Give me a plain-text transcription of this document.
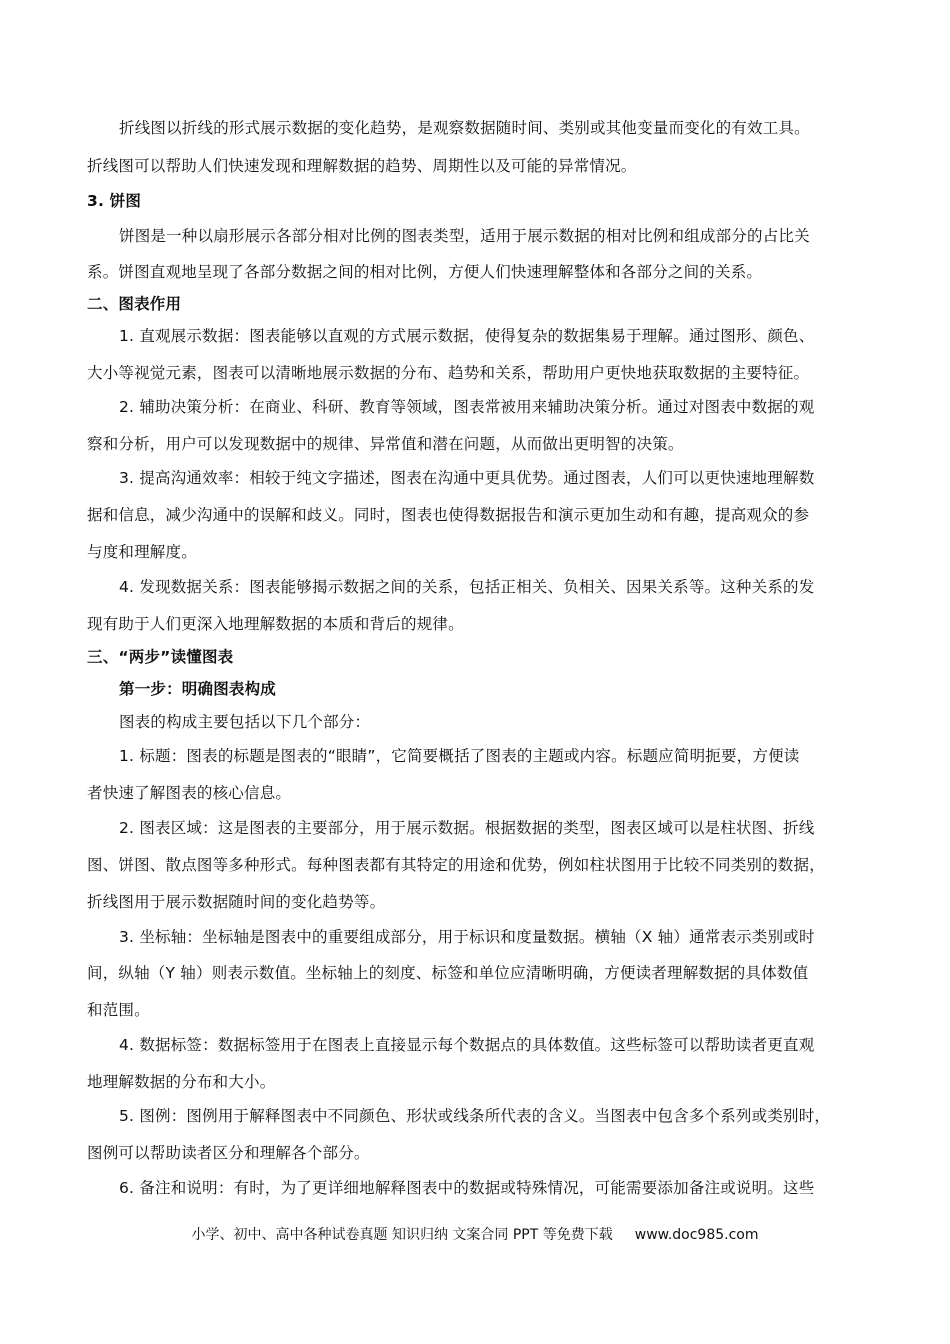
折线图以折线的形式展示数据的变化趋势，是观察数据随时间、类别或其他变量而变化的有效工具。
折线图可以帮助人们快速发现和理解数据的趋势、周期性以及可能的异常情况。
3. 饼图
饼图是一种以扇形展示各部分相对比例的图表类型，适用于展示数据的相对比例和组成部分的占比关
系。饼图直观地呈现了各部分数据之间的相对比例，方便人们快速理解整体和各部分之间的关系。
二、图表作用
1. 直观展示数据：图表能够以直观的方式展示数据，使得复杂的数据集易于理解。通过图形、颜色、
大小等视觉元素，图表可以清晰地展示数据的分布、趋势和关系，帮助用户更快地获取数据的主要特征。
2. 辅助决策分析：在商业、科研、教育等领域，图表常被用来辅助决策分析。通过对图表中数据的观
察和分析，用户可以发现数据中的规律、异常值和潜在问题，从而做出更明智的决策。
3. 提高沟通效率：相较于纯文字描述，图表在沟通中更具优势。通过图表，人们可以更快速地理解数
据和信息，减少沟通中的误解和歧义。同时，图表也使得数据报告和演示更加生动和有趣，提高观众的参
与度和理解度。
4. 发现数据关系：图表能够揭示数据之间的关系，包括正相关、负相关、因果关系等。这种关系的发
现有助于人们更深入地理解数据的本质和背后的规律。
三、“两步”读懂图表
第一步：明确图表构成
图表的构成主要包括以下几个部分：
1. 标题：图表的标题是图表的“眼睛”，它简要概括了图表的主题或内容。标题应简明扼要，方便读
者快速了解图表的核心信息。
2. 图表区域：这是图表的主要部分，用于展示数据。根据数据的类型，图表区域可以是柱状图、折线
图、饼图、散点图等多种形式。每种图表都有其特定的用途和优势，例如柱状图用于比较不同类别的数据，
折线图用于展示数据随时间的变化趋势等。
3. 坐标轴：坐标轴是图表中的重要组成部分，用于标识和度量数据。横轴（X 轴）通常表示类别或时
间，纵轴（Y 轴）则表示数值。坐标轴上的刻度、标签和单位应清晰明确，方便读者理解数据的具体数值
和范围。
4. 数据标签：数据标签用于在图表上直接显示每个数据点的具体数值。这些标签可以帮助读者更直观
地理解数据的分布和大小。
5. 图例：图例用于解释图表中不同颜色、形状或线条所代表的含义。当图表中包含多个系列或类别时，
图例可以帮助读者区分和理解各个部分。
6. 备注和说明：有时，为了更详细地解释图表中的数据或特殊情况，可能需要添加备注或说明。这些
小学、初中、高中各种试卷真题 知识归纳 文案合同 PPT 等免费下载 www.doc985.com
